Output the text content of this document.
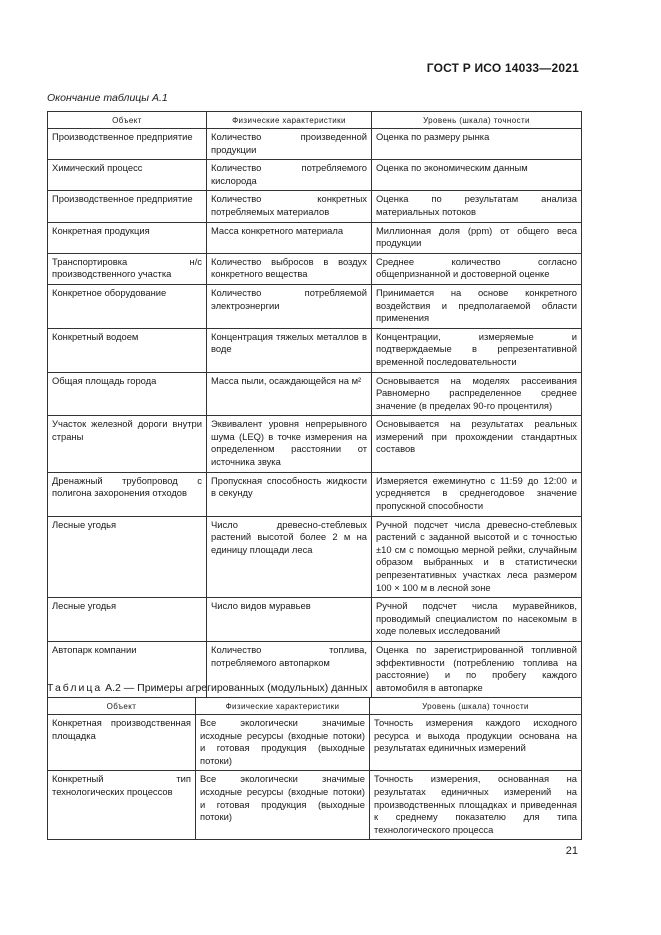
ГОСТ Р ИСО 14033—2021
Окончание таблицы А.1
Объект	Физические характеристики	Уровень (шкала) точности
Производственное предприятие	Количество произведенной продукции	Оценка по размеру рынка
Химический процесс	Количество потребляемого кислорода	Оценка по экономическим данным
Производственное предприятие	Количество конкретных потребляемых материалов	Оценка по результатам анализа материальных потоков
Конкретная продукция	Масса конкретного материала	Миллионная доля (ppm) от общего веса продукции
Транспортировка н/с производственного участка	Количество выбросов в воздух конкретного вещества	Среднее количество согласно общепризнанной и достоверной оценке
Конкретное оборудование	Количество потребляемой электроэнергии	Принимается на основе конкретного воздействия и предполагаемой области применения
Конкретный водоем	Концентрация тяжелых металлов в воде	Концентрации, измеряемые и подтверждаемые в репрезентативной временной последовательности
Общая площадь города	Масса пыли, осаждающейся на м²	Основывается на моделях рассеивания Равномерно распределенное среднее значение (в пределах 90-го процентиля)
Участок железной дороги внутри страны	Эквивалент уровня непрерывного шума (LEQ) в точке измерения на определенном расстоянии от источника звука	Основывается на результатах реальных измерений при прохождении стандартных составов
Дренажный трубопровод с полигона захоронения отходов	Пропускная способность жидкости в секунду	Измеряется ежеминутно с 11:59 до 12:00 и усредняется в среднегодовое значение пропускной способности
Лесные угодья	Число древесно-стеблевых растений высотой более 2 м на единицу площади леса	Ручной подсчет числа древесно-стеблевых растений с заданной высотой и с точностью ±10 см с помощью мерной рейки, случайным образом выбранных и в статистически репрезентативных участках леса размером 100 × 100 м в лесной зоне
Лесные угодья	Число видов муравьев	Ручной подсчет числа муравейников, проводимый специалистом по насекомым в ходе полевых исследований
Автопарк компании	Количество топлива, потребляемого автопарком	Оценка по зарегистрированной топливной эффективности (потреблению топлива на расстояние) и по пробегу каждого автомобиля в автопарке
Таблица А.2 — Примеры агрегированных (модульных) данных
Объект	Физические характеристики	Уровень (шкала) точности
Конкретная производственная площадка	Все экологически значимые исходные ресурсы (входные потоки) и готовая продукция (выходные потоки)	Точность измерения каждого исходного ресурса и выхода продукции основана на результатах единичных измерений
Конкретный тип технологических процессов	Все экологически значимые исходные ресурсы (входные потоки) и готовая продукция (выходные потоки)	Точность измерения, основанная на результатах единичных измерений на производственных площадках и приведенная к среднему показателю для типа технологического процесса
21
